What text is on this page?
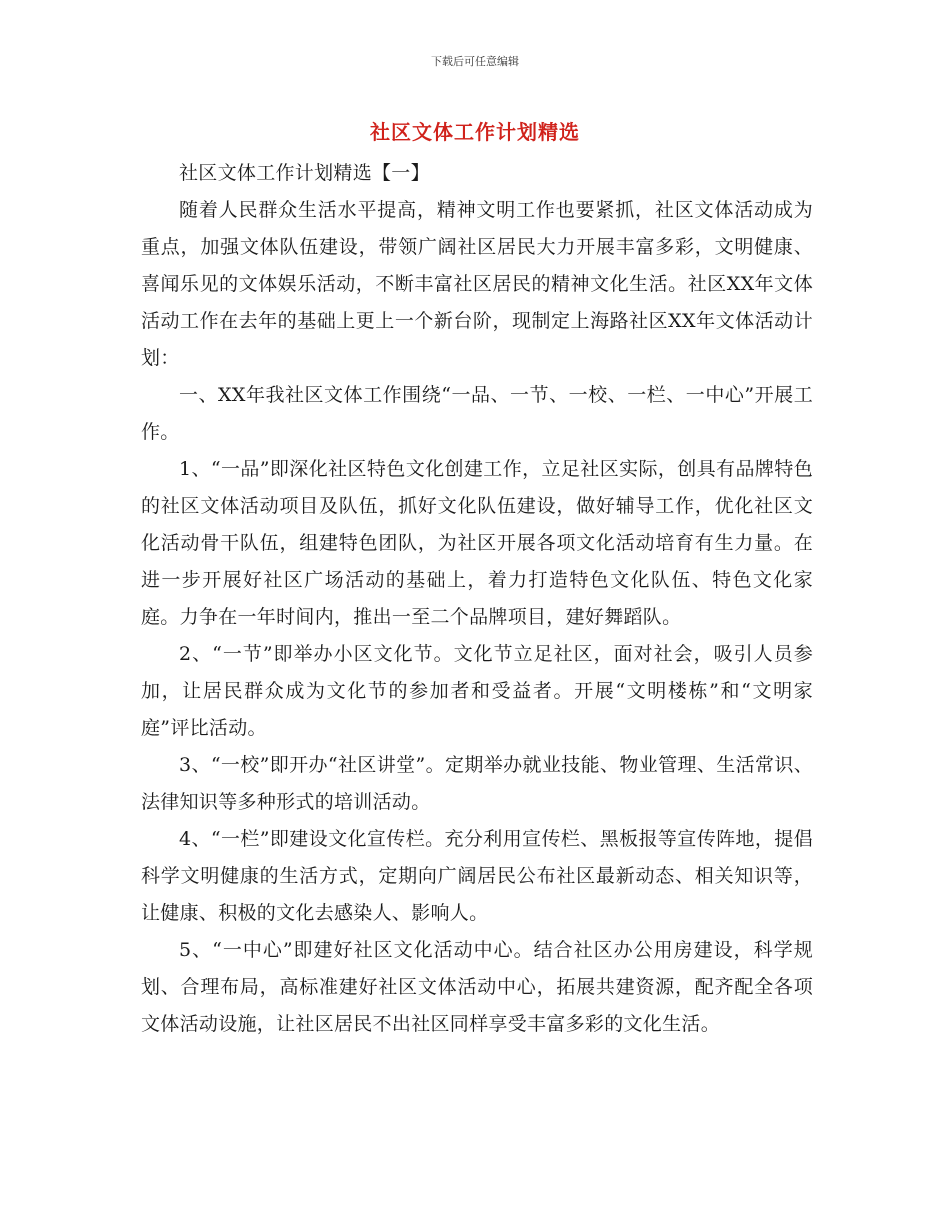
下载后可任意编辑
社区文体工作计划精选

社区文体工作计划精选【一】

随着人民群众生活水平提高，精神文明工作也要紧抓，社区文体活动成为重点，加强文体队伍建设，带领广阔社区居民大力开展丰富多彩，文明健康、喜闻乐见的文体娱乐活动，不断丰富社区居民的精神文化生活。社区XX年文体活动工作在去年的基础上更上一个新台阶，现制定上海路社区XX年文体活动计划：

一、XX年我社区文体工作围绕“一品、一节、一校、一栏、一中心”开展工作。

1、“一品”即深化社区特色文化创建工作，立足社区实际，创具有品牌特色的社区文体活动项目及队伍，抓好文化队伍建设，做好辅导工作，优化社区文化活动骨干队伍，组建特色团队，为社区开展各项文化活动培育有生力量。在进一步开展好社区广场活动的基础上，着力打造特色文化队伍、特色文化家庭。力争在一年时间内，推出一至二个品牌项目，建好舞蹈队。

2、“一节”即举办小区文化节。文化节立足社区，面对社会，吸引人员参加，让居民群众成为文化节的参加者和受益者。开展“文明楼栋”和“文明家庭”评比活动。

3、“一校”即开办“社区讲堂”。定期举办就业技能、物业管理、生活常识、法律知识等多种形式的培训活动。

4、“一栏”即建设文化宣传栏。充分利用宣传栏、黑板报等宣传阵地，提倡科学文明健康的生活方式，定期向广阔居民公布社区最新动态、相关知识等，让健康、积极的文化去感染人、影响人。

5、“一中心”即建好社区文化活动中心。结合社区办公用房建设，科学规划、合理布局，高标准建好社区文体活动中心，拓展共建资源，配齐配全各项文体活动设施，让社区居民不出社区同样享受丰富多彩的文化生活。
